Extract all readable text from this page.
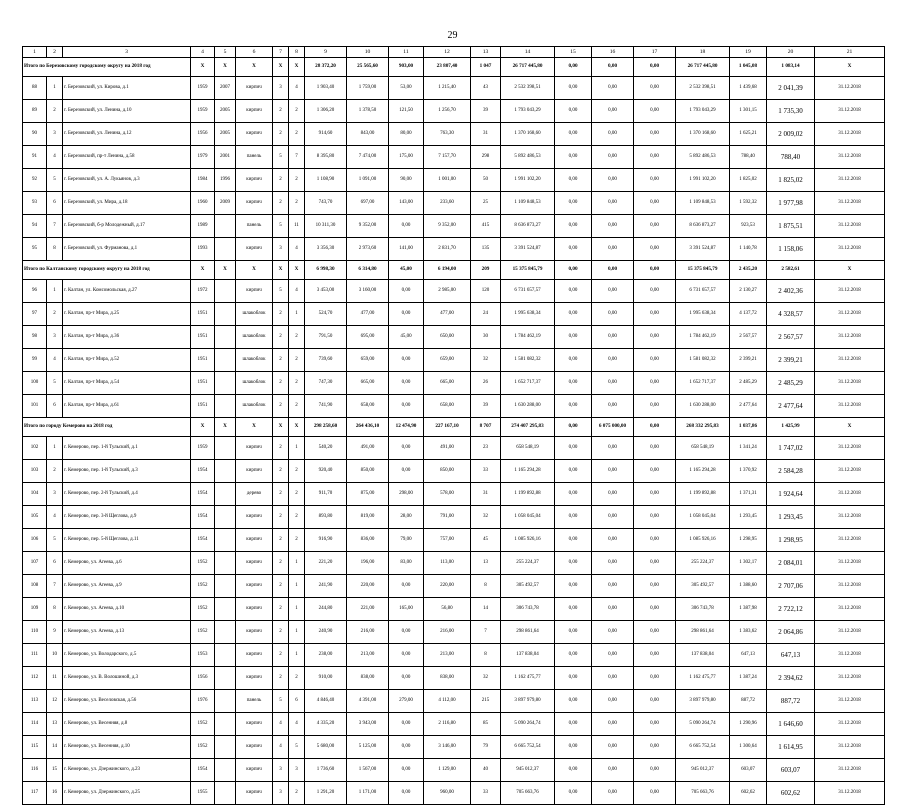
29
1	2	3	4	5	6	7	8	9	10	11	12	13	14	15	16	17	18	19	20	21
Итого по Березовскому городскому округу на 2018 год			X	X	X	X	X	28 372,20	25 565,60	903,00	23 807,40	1 047	26 717 445,80	0,00	0,00	0,00	26 717 445,80	1 045,08	1 083,14	X
88	1	г. Березовский, ул. Кирова, д.1	1959	2007	кирпич	3	4	1 903,40	1 759,00	53,00	1 215,40	43	2 532 398,51	0,00	0,00	0,00	2 532 398,51	1 439,68	2 041,39	31.12.2018
89	2	г. Березовский, ул. Ленина, д.10	1959	2005	кирпич	2	2	1 306,20	1 378,50	121,50	1 256,70	39	1 793 043,29	0,00	0,00	0,00	1 793 043,29	1 301,15	1 735,30	31.12.2018
90	3	г. Березовский, ул. Ленина, д.12	1956	2005	кирпич	2	2	914,60	843,00	80,00	763,30	31	1 370 168,60	0,00	0,00	0,00	1 370 168,60	1 625,21	2 009,02	31.12.2018
91	4	г. Березовский, пр-т Ленина, д.58	1979	2001	панель	5	7	8 395,80	7 474,00	175,00	7 157,70	298	5 892 486,53	0,00	0,00	0,00	5 892 486,53	788,40	788,40	31.12.2018
92	5	г. Березовский, ул. А. Лукьянов, д.3	1984	1996	кирпич	2	2	1 108,90	1 091,00	90,00	1 001,00	50	1 991 102,20	0,00	0,00	0,00	1 991 102,20	1 825,02	1 825,02	31.12.2018
93	6	г. Березовский, ул. Мира, д.18	1960	2009	кирпич	2	2	743,70	697,00	143,00	233,60	25	1 109 848,53	0,00	0,00	0,00	1 109 848,53	1 592,32	1 977,98	31.12.2018
94	7	г. Березовский, б-р Молодежный, д.17	1989		панель	5	11	10 311,30	9 352,00	0,00	9 352,00	415	8 636 873,27	0,00	0,00	0,00	8 636 873,27	923,53	1 875,51	31.12.2018
95	8	г. Березовский, ул. Фурманова, д.1	1993		кирпич	3	4	3 356,30	2 973,60	141,00	2 831,70	135	3 391 524,87	0,00	0,00	0,00	3 391 524,87	1 140,78	1 158,06	31.12.2018
Итого по Калтанскому городскому округу на 2018 год			X	X	X	X	X	6 998,30	6 314,80	45,00	6 194,00	209	15 375 845,79	0,00	0,00	0,00	15 375 845,79	2 435,20	2 582,61	X
96	1	г. Калтан, ул. Комсомольская, д.27	1972		кирпич	5	4	3 453,00	3 160,00	0,00	2 985,00	120	6 731 657,57	0,00	0,00	0,00	6 731 657,57	2 130,27	2 402,36	31.12.2018
97	2	г. Калтан, пр-т Мира, д.25	1951		шлакоблок	2	1	524,70	477,00	0,00	477,00	24	1 995 638,34	0,00	0,00	0,00	1 995 638,34	4 137,72	4 328,57	31.12.2018
98	3	г. Калтан, пр-т Мира, д.36	1951		шлакоблок	2	2	791,50	695,00	45,00	650,00	30	1 784 462,19	0,00	0,00	0,00	1 784 462,19	2 567,57	2 567,57	31.12.2018
99	4	г. Калтан, пр-т Мира, д.52	1951		шлакоблок	2	2	739,60	659,00	0,00	659,00	32	1 581 082,32	0,00	0,00	0,00	1 581 082,32	2 399,21	2 399,21	31.12.2018
100	5	г. Калтан, пр-т Мира, д.54	1951		шлакоблок	2	2	747,30	665,00	0,00	665,00	26	1 652 717,37	0,00	0,00	0,00	1 652 717,37	2 485,29	2 485,29	31.12.2018
101	6	г. Калтан, пр-т Мира, д.61	1951		шлакоблок	2	2	741,90	658,00	0,00	658,00	39	1 630 288,00	0,00	0,00	0,00	1 630 288,00	2 477,64	2 477,64	31.12.2018
Итого по городу Кемерово на 2018 год			X	X	X	X	X	298 258,60	264 436,10	12 474,90	227 167,10	8 707	274 407 295,83	0,00	6 075 000,00	0,00	268 332 295,83	1 037,86	1 425,99	X
102	1	г. Кемерово, пер. 1-й Тульский, д.1	1959		кирпич	2	1	540,20	491,00	0,00	491,00	23	658 548,19	0,00	0,00	0,00	658 548,19	1 341,24	1 747,02	31.12.2018
103	2	г. Кемерово, пер. 1-й Тульский, д.3	1954		кирпич	2	2	920,40	850,00	0,00	850,00	33	1 165 294,28	0,00	0,00	0,00	1 165 294,28	1 370,92	2 584,28	31.12.2018
104	3	г. Кемерово, пер. 2-й Тульский, д.4	1954		дерево	2	2	911,70	875,00	298,00	578,00	31	1 199 892,88	0,00	0,00	0,00	1 199 892,88	1 371,31	1 924,64	31.12.2018
105	4	г. Кемерово, пер. 3-й Щеглова, д.9	1954		кирпич	2	2	893,80	819,00	28,00	791,00	32	1 058 045,04	0,00	0,00	0,00	1 058 045,04	1 293,45	1 293,45	31.12.2018
106	5	г. Кемерово, пер. 5-й Щеглова, д.11	1954		кирпич	2	2	916,90	836,00	79,00	757,00	45	1 085 926,16	0,00	0,00	0,00	1 085 926,16	1 298,95	1 298,95	31.12.2018
107	6	г. Кемерово, ул. Агеева, д.6	1952		кирпич	2	1	221,20	196,00	83,00	113,00	13	255 224,37	0,00	0,00	0,00	255 224,37	1 302,17	2 084,01	31.12.2018
108	7	г. Кемерово, ул. Агеева, д.9	1952		кирпич	2	1	241,90	220,00	0,00	220,00	8	305 492,57	0,00	0,00	0,00	305 492,57	1 388,60	2 707,06	31.12.2018
109	8	г. Кемерово, ул. Агеева, д.10	1952		кирпич	2	1	244,80	221,00	165,00	56,80	14	306 743,78	0,00	0,00	0,00	306 743,78	1 387,98	2 722,12	31.12.2018
110	9	г. Кемерово, ул. Агеева, д.13	1952		кирпич	2	1	240,90	216,00	0,00	216,00	7	298 861,64	0,00	0,00	0,00	298 861,64	1 383,62	2 064,86	31.12.2018
111	10	г. Кемерово, ул. Володарского, д.5	1953		кирпич	2	1	238,00	213,00	0,00	213,00	8	137 838,04	0,00	0,00	0,00	137 838,04	647,13	647,13	31.12.2018
112	11	г. Кемерово, ул. В. Волошиной, д.3	1956		кирпич	2	2	910,00	838,00	0,00	838,00	32	1 162 475,77	0,00	0,00	0,00	1 162 475,77	1 387,24	2 394,62	31.12.2018
113	12	г. Кемерово, ул. Веселовская, д.56	1976		панель	5	6	4 846,40	4 391,00	279,00	4 112,00	215	3 897 979,80	0,00	0,00	0,00	3 897 979,80	887,72	887,72	31.12.2018
114	13	г. Кемерово, ул. Весенняя, д.8	1952		кирпич	4	4	4 335,20	3 943,00	0,00	2 116,80	85	5 090 264,74	0,00	0,00	0,00	5 090 264,74	1 290,96	1 646,60	31.12.2018
115	14	г. Кемерово, ул. Весенняя, д.10	1952		кирпич	4	5	5 680,00	5 125,00	0,00	3 146,00	79	6 665 752,54	0,00	0,00	0,00	6 665 752,54	1 300,64	1 614,95	31.12.2018
116	15	г. Кемерово, ул. Дзержинского, д.23	1954		кирпич	3	3	1 736,60	1 567,00	0,00	1 129,00	40	945 012,37	0,00	0,00	0,00	945 012,37	603,07	603,07	31.12.2018
117	16	г. Кемерово, ул. Дзержинского, д.25	1955		кирпич	3	2	1 291,20	1 171,00	0,00	960,00	33	705 663,76	0,00	0,00	0,00	705 663,76	602,62	602,62	31.12.2018
